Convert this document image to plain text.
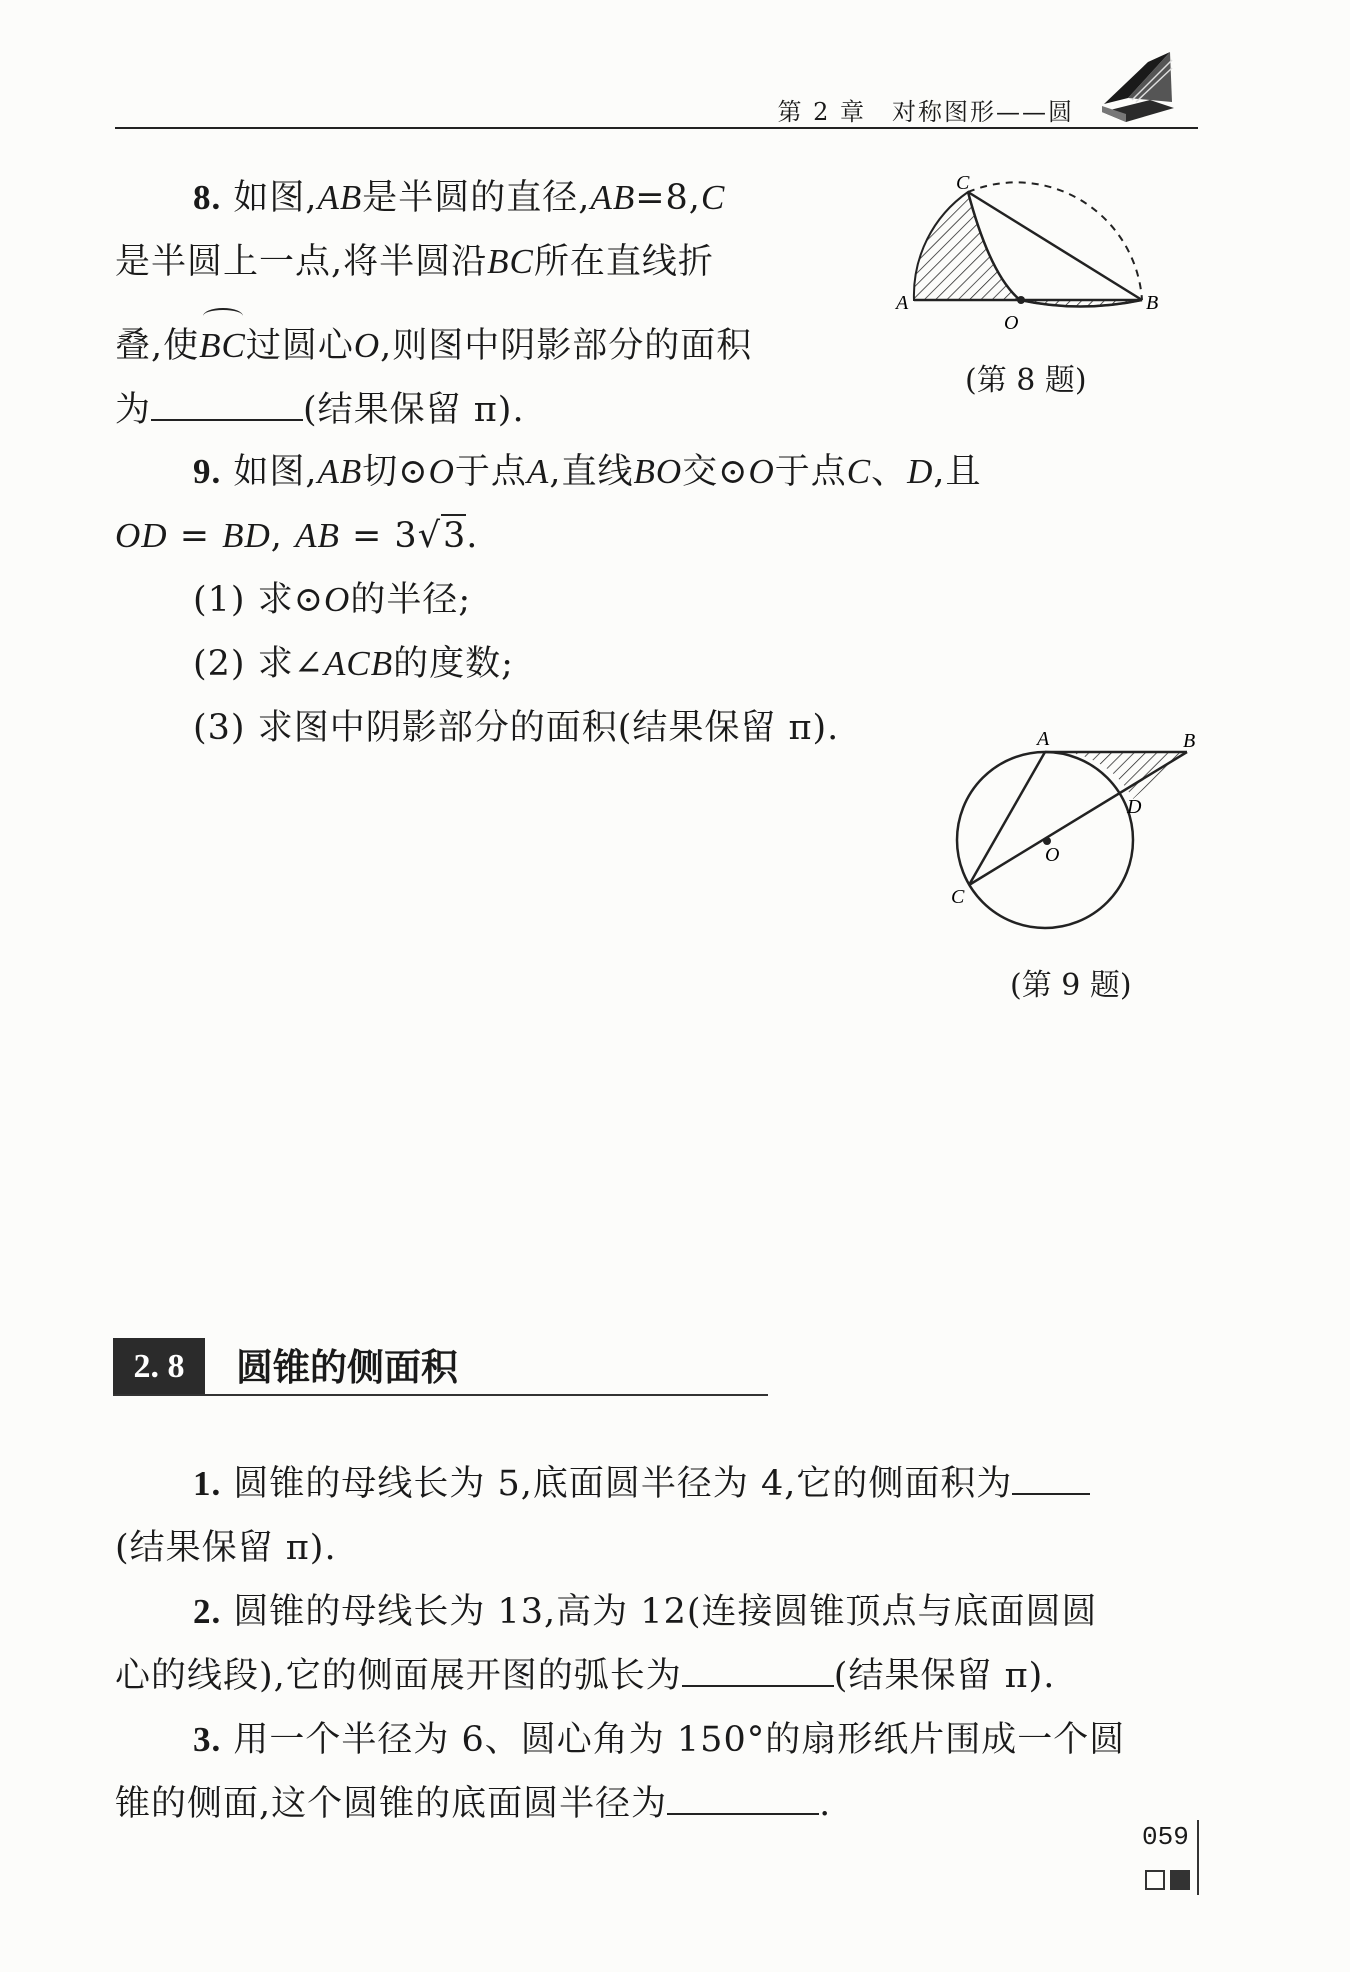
第 2 章　对称图形——圆
8. 如图,AB是半圆的直径,AB=8,C
是半圆上一点,将半圆沿BC所在直线折
叠,使
BC过圆心O,则图中阴影部分的面积
为	(结果保留 π).
A	B
C
O
(第 8 题)
9. 如图,AB切⊙O于点A,直线BO交⊙O于点C、D,且
OD = BD, AB = 3√3.
(1) 求⊙O的半径;
(2) 求∠ACB的度数;
(3) 求图中阴影部分的面积(结果保留 π).	A	B
C
D
O
(第 9 题)
2. 8	圆锥的侧面积
1. 圆锥的母线长为 5,底面圆半径为 4,它的侧面积为
(结果保留 π).
2. 圆锥的母线长为 13,高为 12(连接圆锥顶点与底面圆圆
心的线段),它的侧面展开图的弧长为	(结果保留 π).
3. 用一个半径为 6、圆心角为 150°的扇形纸片围成一个圆
锥的侧面,这个圆锥的底面圆半径为	.
059
